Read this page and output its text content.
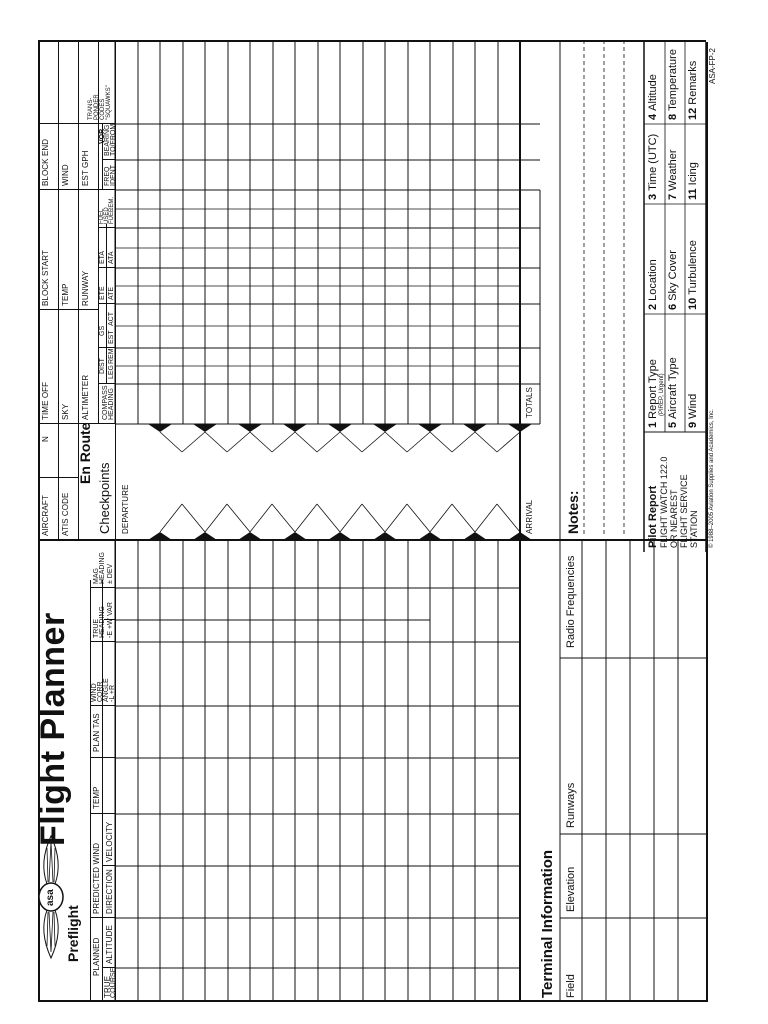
Preflight
asa
Flight Planner
En Route
PLANNED
TRUE
COURSE
ALTITUDE
PREDICTED WIND DIRECTION
VELOCITY
TEMP
PLAN TAS
WIND CORR ANGLE -L +R
TRUE HEADING -E +W
VAR
MAG HEADING ± DEV
AIRCRAFT
N
TIME OFF
BLOCK START
BLOCK END
ATIS CODE
SKY
TEMP
WIND
ALTIMETER
RUNWAY
EST GPH
Checkpoints
COMPASS HEADING
DIST LEG
REM
GS EST
ACT
ETE ATE
ETA ATA
FUEL USED FUEL
REM.
VOR
FREQ IDENT
BEARING TO/FROM
TRANS- PONDER CODES "SQUAWKS"
DEPARTURE	ARRIVAL
TOTALS
Terminal Information Field
Elevation
Runways
Radio Frequencies
Notes:	Pilot Report FLIGHT WATCH 122.0 OR NEAREST FLIGHT SERVICE STATION
1 Report Type (PIREP, Urgent)
2 Location
3 Time (UTC)
4 Altitude
5 Aircraft Type
6 Sky Cover
7 Weather
8 Temperature
9 Wind
10 Turbulence
11 Icing
12 Remarks
© 1988–2005 Aviation Supplies and Academics, Inc.
ASA-FP-2
